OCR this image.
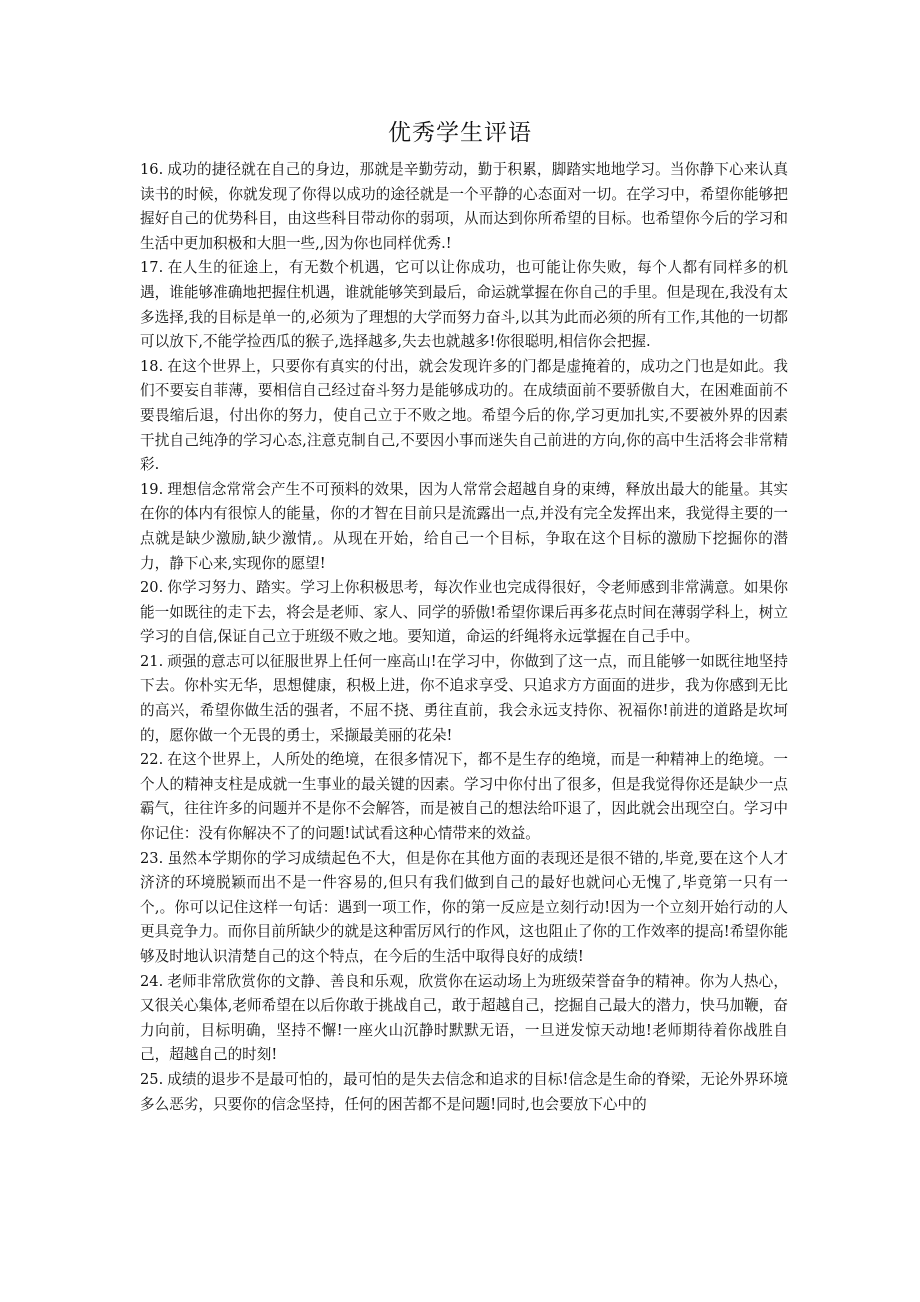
优秀学生评语

16. 成功的捷径就在自己的身边，那就是辛勤劳动，勤于积累，脚踏实地地学习。当你静下心来认真读书的时候，你就发现了你得以成功的途径就是一个平静的心态面对一切。在学习中，希望你能够把握好自己的优势科目，由这些科目带动你的弱项，从而达到你所希望的目标。也希望你今后的学习和生活中更加积极和大胆一些,,因为你也同样优秀.!

17. 在人生的征途上，有无数个机遇，它可以让你成功，也可能让你失败，每个人都有同样多的机遇，谁能够准确地把握住机遇，谁就能够笑到最后，命运就掌握在你自己的手里。但是现在,我没有太多选择,我的目标是单一的,必须为了理想的大学而努力奋斗,以其为此而必须的所有工作,其他的一切都可以放下,不能学捡西瓜的猴子,选择越多,失去也就越多!你很聪明,相信你会把握.

18. 在这个世界上，只要你有真实的付出，就会发现许多的门都是虚掩着的，成功之门也是如此。我们不要妄自菲薄，要相信自己经过奋斗努力是能够成功的。在成绩面前不要骄傲自大，在困难面前不要畏缩后退，付出你的努力，使自己立于不败之地。希望今后的你,学习更加扎实,不要被外界的因素干扰自己纯净的学习心态,注意克制自己,不要因小事而迷失自己前进的方向,你的高中生活将会非常精彩.

19. 理想信念常常会产生不可预料的效果，因为人常常会超越自身的束缚，释放出最大的能量。其实在你的体内有很惊人的能量，你的才智在目前只是流露出一点,并没有完全发挥出来，我觉得主要的一点就是缺少激励,缺少激情,。从现在开始，给自己一个目标，争取在这个目标的激励下挖掘你的潜力，静下心来,实现你的愿望!

20. 你学习努力、踏实。学习上你积极思考，每次作业也完成得很好，令老师感到非常满意。如果你能一如既往的走下去，将会是老师、家人、同学的骄傲!希望你课后再多花点时间在薄弱学科上，树立学习的自信,保证自己立于班级不败之地。要知道，命运的纤绳将永远掌握在自己手中。

21. 顽强的意志可以征服世界上任何一座高山!在学习中，你做到了这一点，而且能够一如既往地坚持下去。你朴实无华，思想健康，积极上进，你不追求享受、只追求方方面面的进步，我为你感到无比的高兴，希望你做生活的强者，不屈不挠、勇往直前，我会永远支持你、祝福你!前进的道路是坎坷的，愿你做一个无畏的勇士，采撷最美丽的花朵!

22. 在这个世界上，人所处的绝境，在很多情况下，都不是生存的绝境，而是一种精神上的绝境。一个人的精神支柱是成就一生事业的最关键的因素。学习中你付出了很多，但是我觉得你还是缺少一点霸气，往往许多的问题并不是你不会解答，而是被自己的想法给吓退了，因此就会出现空白。学习中你记住：没有你解决不了的问题!试试看这种心情带来的效益。

23. 虽然本学期你的学习成绩起色不大，但是你在其他方面的表现还是很不错的,毕竟,要在这个人才济济的环境脱颖而出不是一件容易的,但只有我们做到自己的最好也就问心无愧了,毕竟第一只有一个,。你可以记住这样一句话：遇到一项工作，你的第一反应是立刻行动!因为一个立刻开始行动的人更具竞争力。而你目前所缺少的就是这种雷厉风行的作风，这也阻止了你的工作效率的提高!希望你能够及时地认识清楚自己的这个特点，在今后的生活中取得良好的成绩!

24. 老师非常欣赏你的文静、善良和乐观，欣赏你在运动场上为班级荣誉奋争的精神。你为人热心，又很关心集体,老师希望在以后你敢于挑战自己，敢于超越自己，挖掘自己最大的潜力，快马加鞭，奋力向前，目标明确，坚持不懈!一座火山沉静时默默无语，一旦迸发惊天动地!老师期待着你战胜自己，超越自己的时刻!

25. 成绩的退步不是最可怕的，最可怕的是失去信念和追求的目标!信念是生命的脊梁，无论外界环境多么恶劣，只要你的信念坚持，任何的困苦都不是问题!同时,也会要放下心中的
